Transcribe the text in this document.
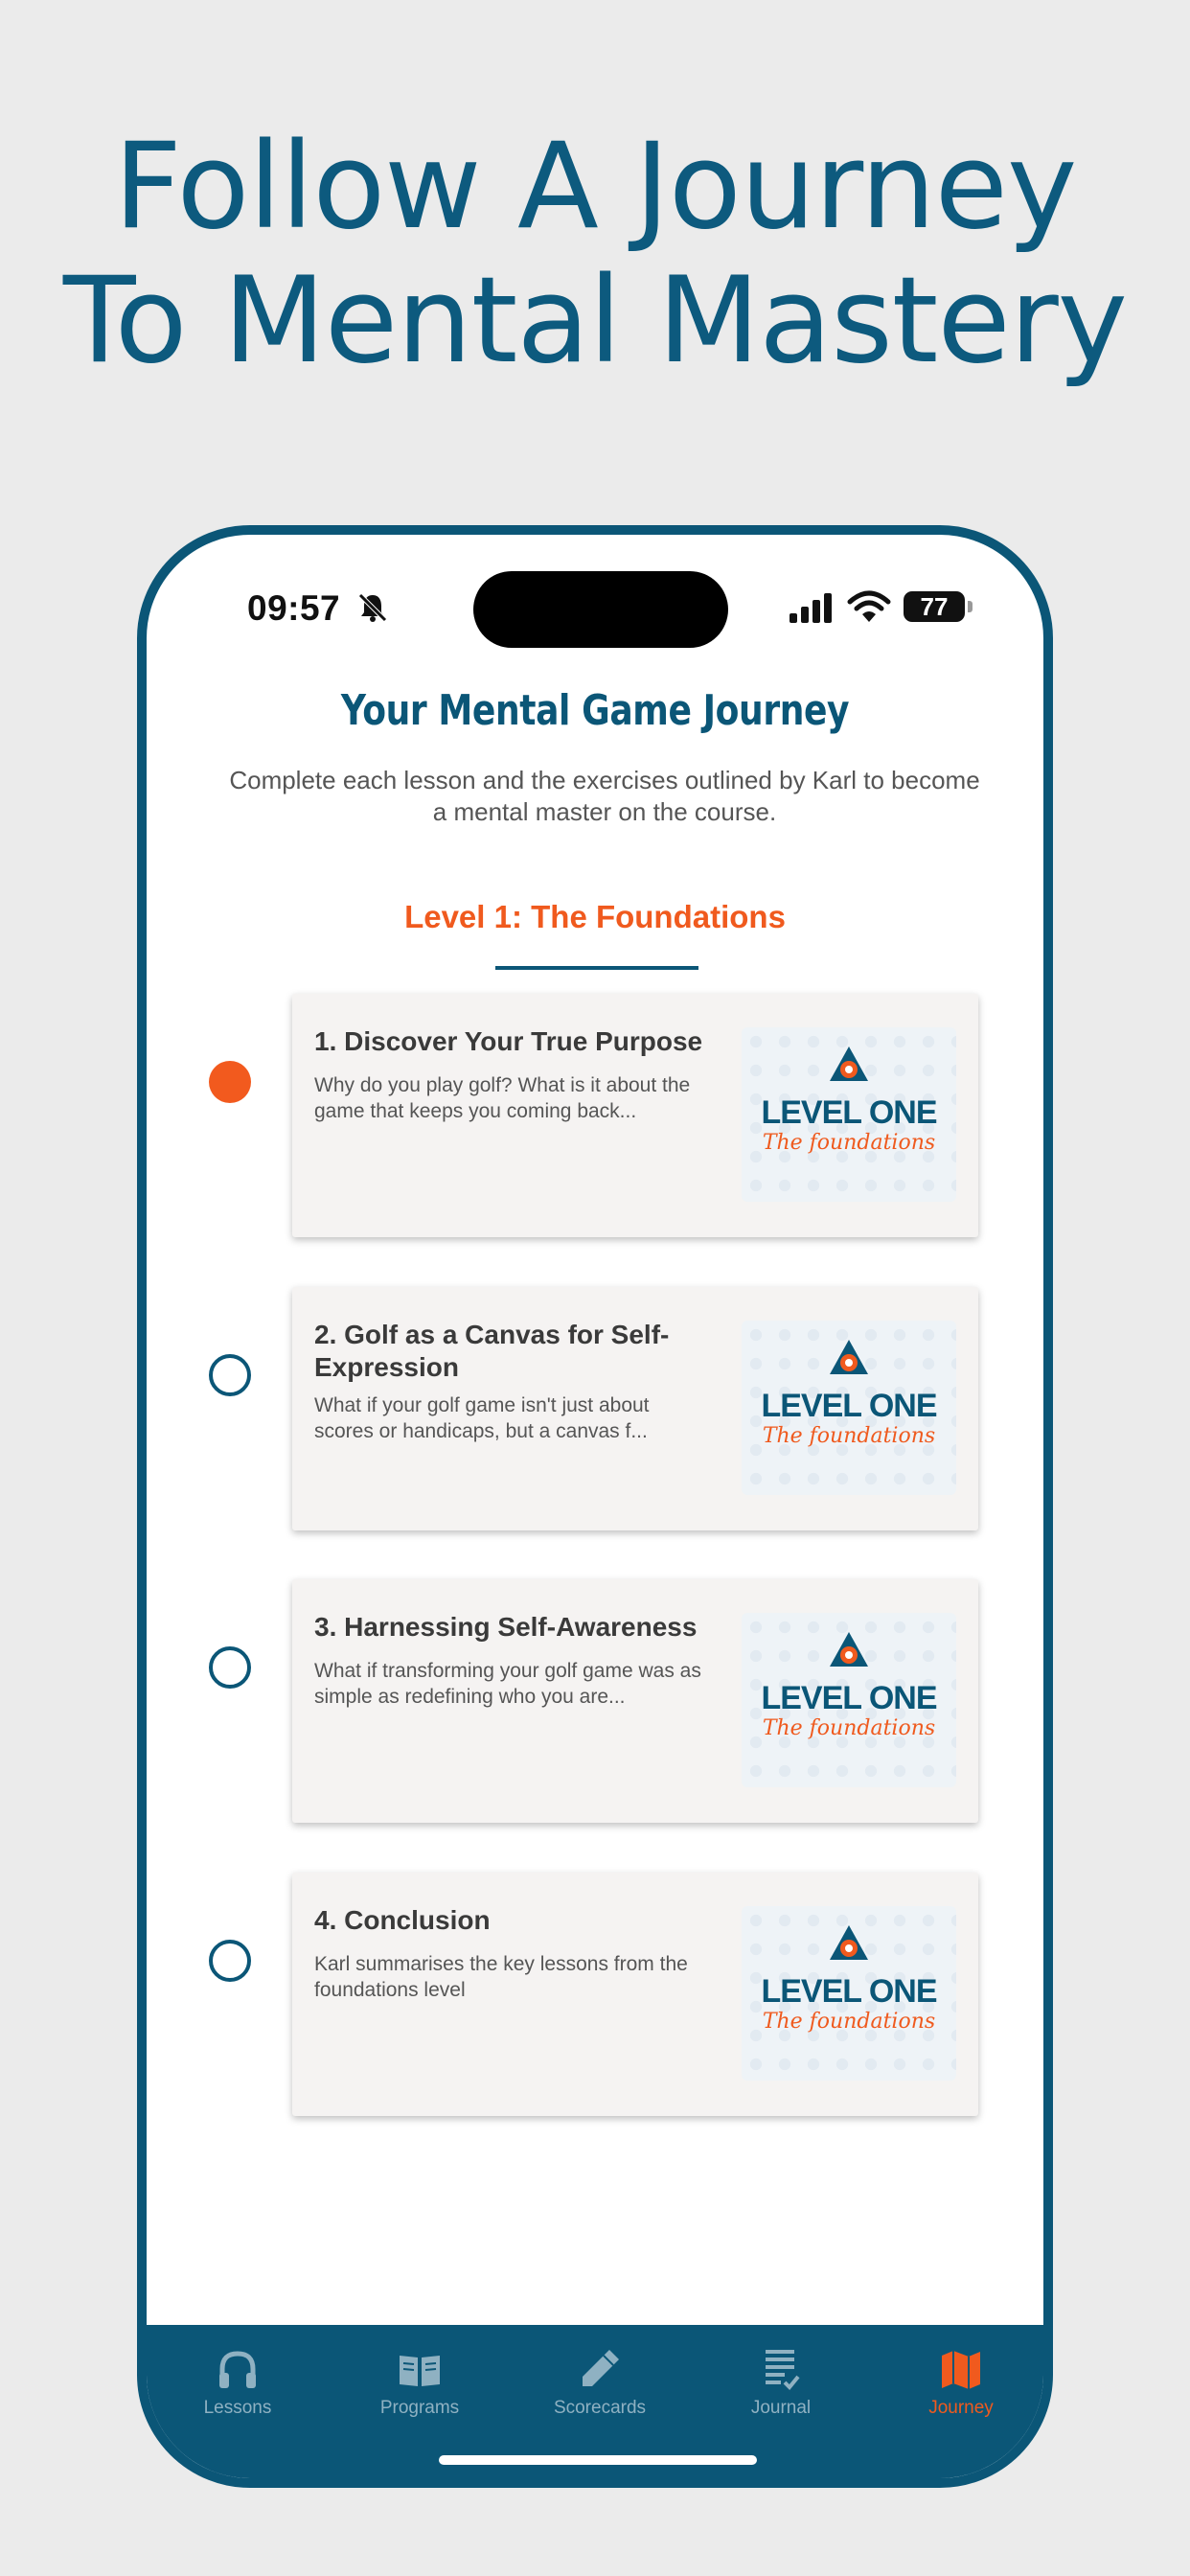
Follow A Journey
To Mental Mastery
09:57	77
Your Mental Game Journey
Complete each lesson and the exercises outlined by Karl to become a mental master on the course.
Level 1: The Foundations
1. Discover Your True Purpose
Why do you play golf? What is it about the game that keeps you coming back...	LEVEL ONE
The foundations
2. Golf as a Canvas for Self-Expression
What if your golf game isn't just about scores or handicaps, but a canvas f...
LEVEL ONE
The foundations
3. Harnessing Self-Awareness
What if transforming your golf game was as simple as redefining who you are...	LEVEL ONE
The foundations
4. Conclusion
Karl summarises the key lessons from the foundations level	LEVEL ONE
The foundations
Lessons	Programs	Scorecards	Journal	Journey
